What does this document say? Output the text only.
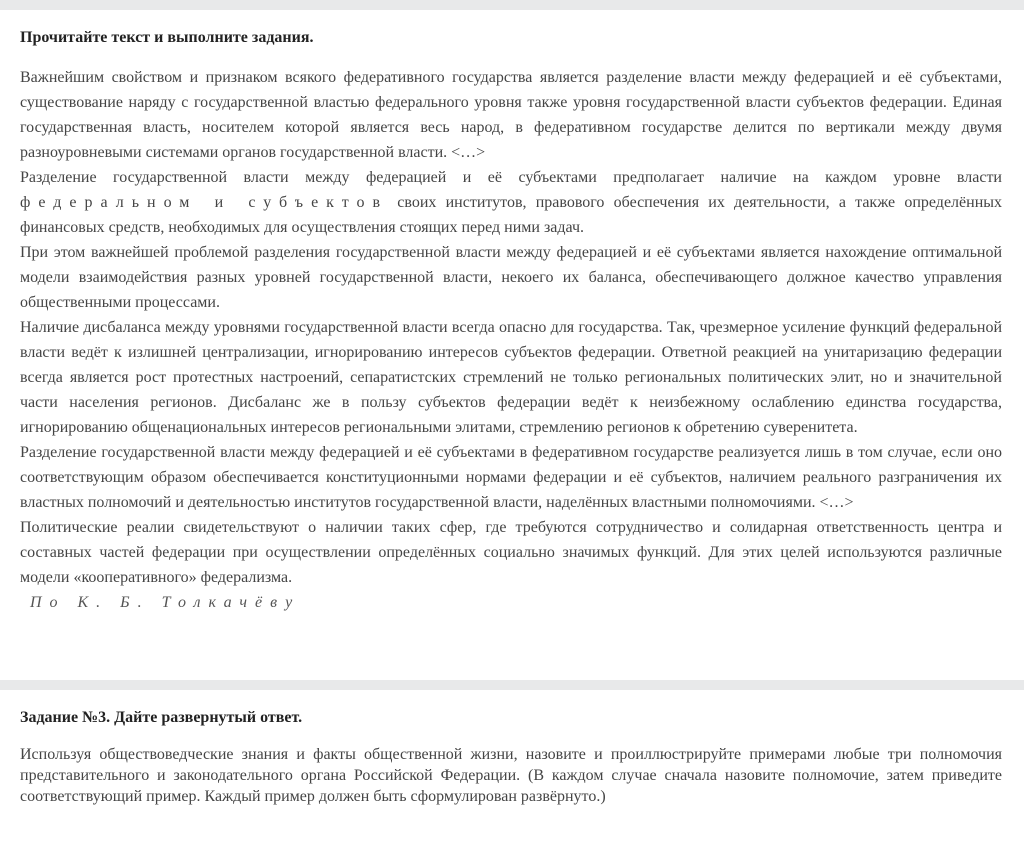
Прочитайте текст и выполните задания.

Важнейшим свойством и признаком всякого федеративного государства является разделение власти между федерацией и её субъектами, существование наряду с государственной властью федерального уровня также уровня государственной власти субъектов федерации. Единая государственная власть, носителем которой является весь народ, в федеративном государстве делится по вертикали между двумя разноуровневыми системами органов государственной власти. <…>

Разделение государственной власти между федерацией и её субъектами предполагает наличие на каждом уровне власти федеральном и субъектов своих институтов, правового обеспечения их деятельности, а также определённых финансовых средств, необходимых для осуществления стоящих перед ними задач.

При этом важнейшей проблемой разделения государственной власти между федерацией и её субъектами является нахождение оптимальной модели взаимодействия разных уровней государственной власти, некоего их баланса, обеспечивающего должное качество управления общественными процессами.

Наличие дисбаланса между уровнями государственной власти всегда опасно для государства. Так, чрезмерное усиление функций федеральной власти ведёт к излишней централизации, игнорированию интересов субъектов федерации. Ответной реакцией на унитаризацию федерации всегда является рост протестных настроений, сепаратистских стремлений не только региональных политических элит, но и значительной части населения регионов. Дисбаланс же в пользу субъектов федерации ведёт к неизбежному ослаблению единства государства, игнорированию общенациональных интересов региональными элитами, стремлению регионов к обретению суверенитета.

Разделение государственной власти между федерацией и её субъектами в федеративном государстве реализуется лишь в том случае, если оно соответствующим образом обеспечивается конституционными нормами федерации и её субъектов, наличием реального разграничения их властных полномочий и деятельностью институтов государственной власти, наделённых властными полномочиями. <…>

Политические реалии свидетельствуют о наличии таких сфер, где требуются сотрудничество и солидарная ответственность центра и составных частей федерации при осуществлении определённых социально значимых функций. Для этих целей используются различные модели «кооперативного» федерализма.

По К. Б. Толкачёву

Задание №3. Дайте развернутый ответ.

Используя обществоведческие знания и факты общественной жизни, назовите и проиллюстрируйте примерами любые три полномочия представительного и законодательного органа Российской Федерации. (В каждом случае сначала назовите полномочие, затем приведите соответствующий пример. Каждый пример должен быть сформулирован развёрнуто.)
